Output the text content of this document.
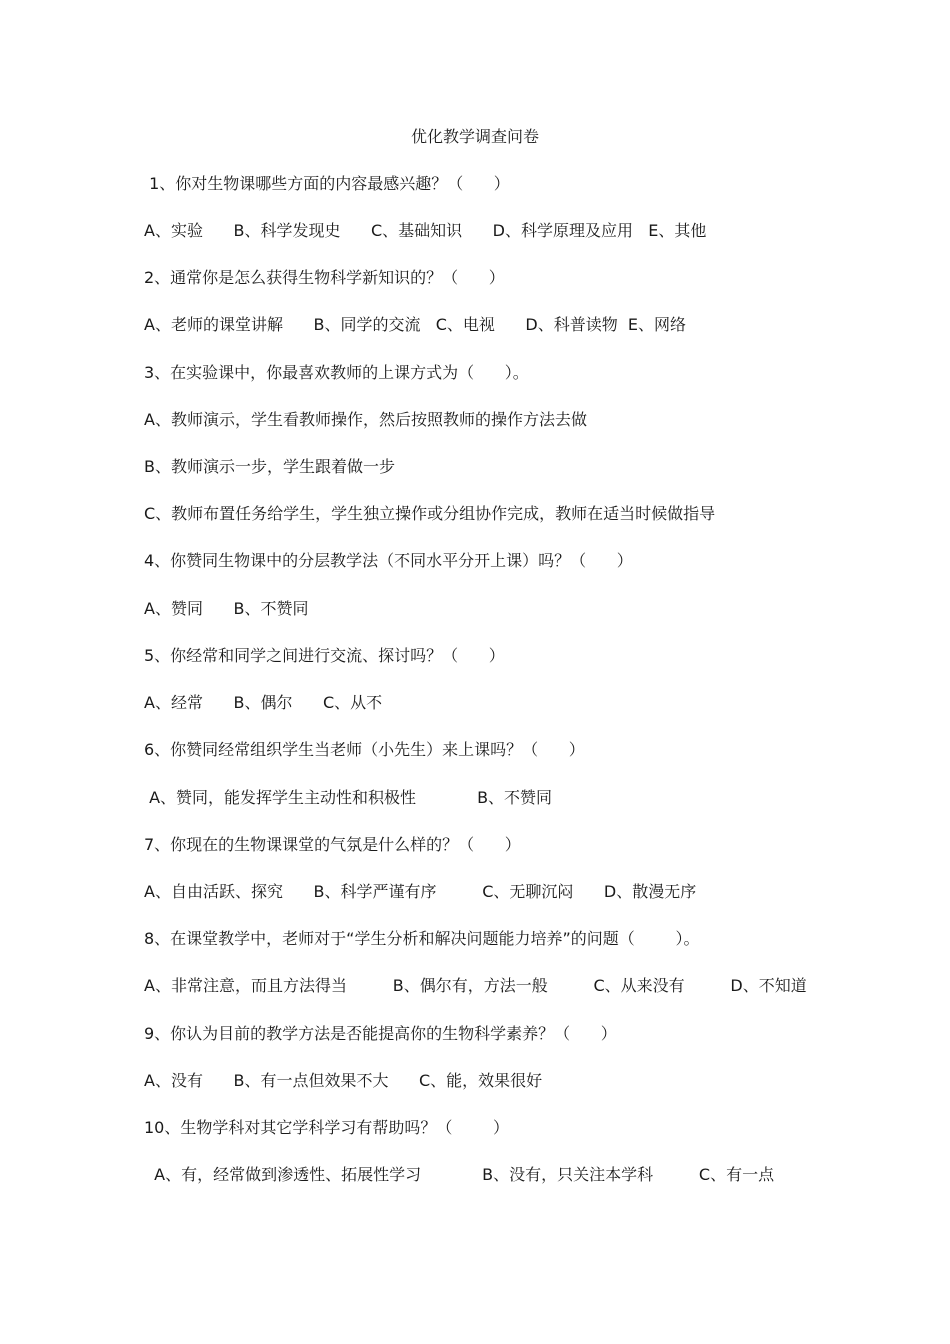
优化教学调查问卷
1、你对生物课哪些方面的内容最感兴趣？（      ）
A、实验      B、科学发现史      C、基础知识      D、科学原理及应用   E、其他
2、通常你是怎么获得生物科学新知识的？（      ）
A、老师的课堂讲解      B、同学的交流   C、电视      D、科普读物  E、网络
3、在实验课中，你最喜欢教师的上课方式为（      ）。
A、教师演示，学生看教师操作，然后按照教师的操作方法去做
B、教师演示一步，学生跟着做一步
C、教师布置任务给学生，学生独立操作或分组协作完成，教师在适当时候做指导
4、你赞同生物课中的分层教学法（不同水平分开上课）吗？（      ）
A、赞同      B、不赞同
5、你经常和同学之间进行交流、探讨吗？（      ）
A、经常      B、偶尔      C、从不
6、你赞同经常组织学生当老师（小先生）来上课吗？（      ）
A、赞同，能发挥学生主动性和积极性            B、不赞同
7、你现在的生物课课堂的气氛是什么样的？（      ）
A、自由活跃、探究      B、科学严谨有序         C、无聊沉闷      D、散漫无序
8、在课堂教学中，老师对于“学生分析和解决问题能力培养”的问题（        ）。
A、非常注意，而且方法得当         B、偶尔有，方法一般         C、从来没有         D、不知道
9、你认为目前的教学方法是否能提高你的生物科学素养？（      ）
A、没有      B、有一点但效果不大      C、能，效果很好
10、生物学科对其它学科学习有帮助吗？（        ）
A、有，经常做到渗透性、拓展性学习            B、没有，只关注本学科         C、有一点
